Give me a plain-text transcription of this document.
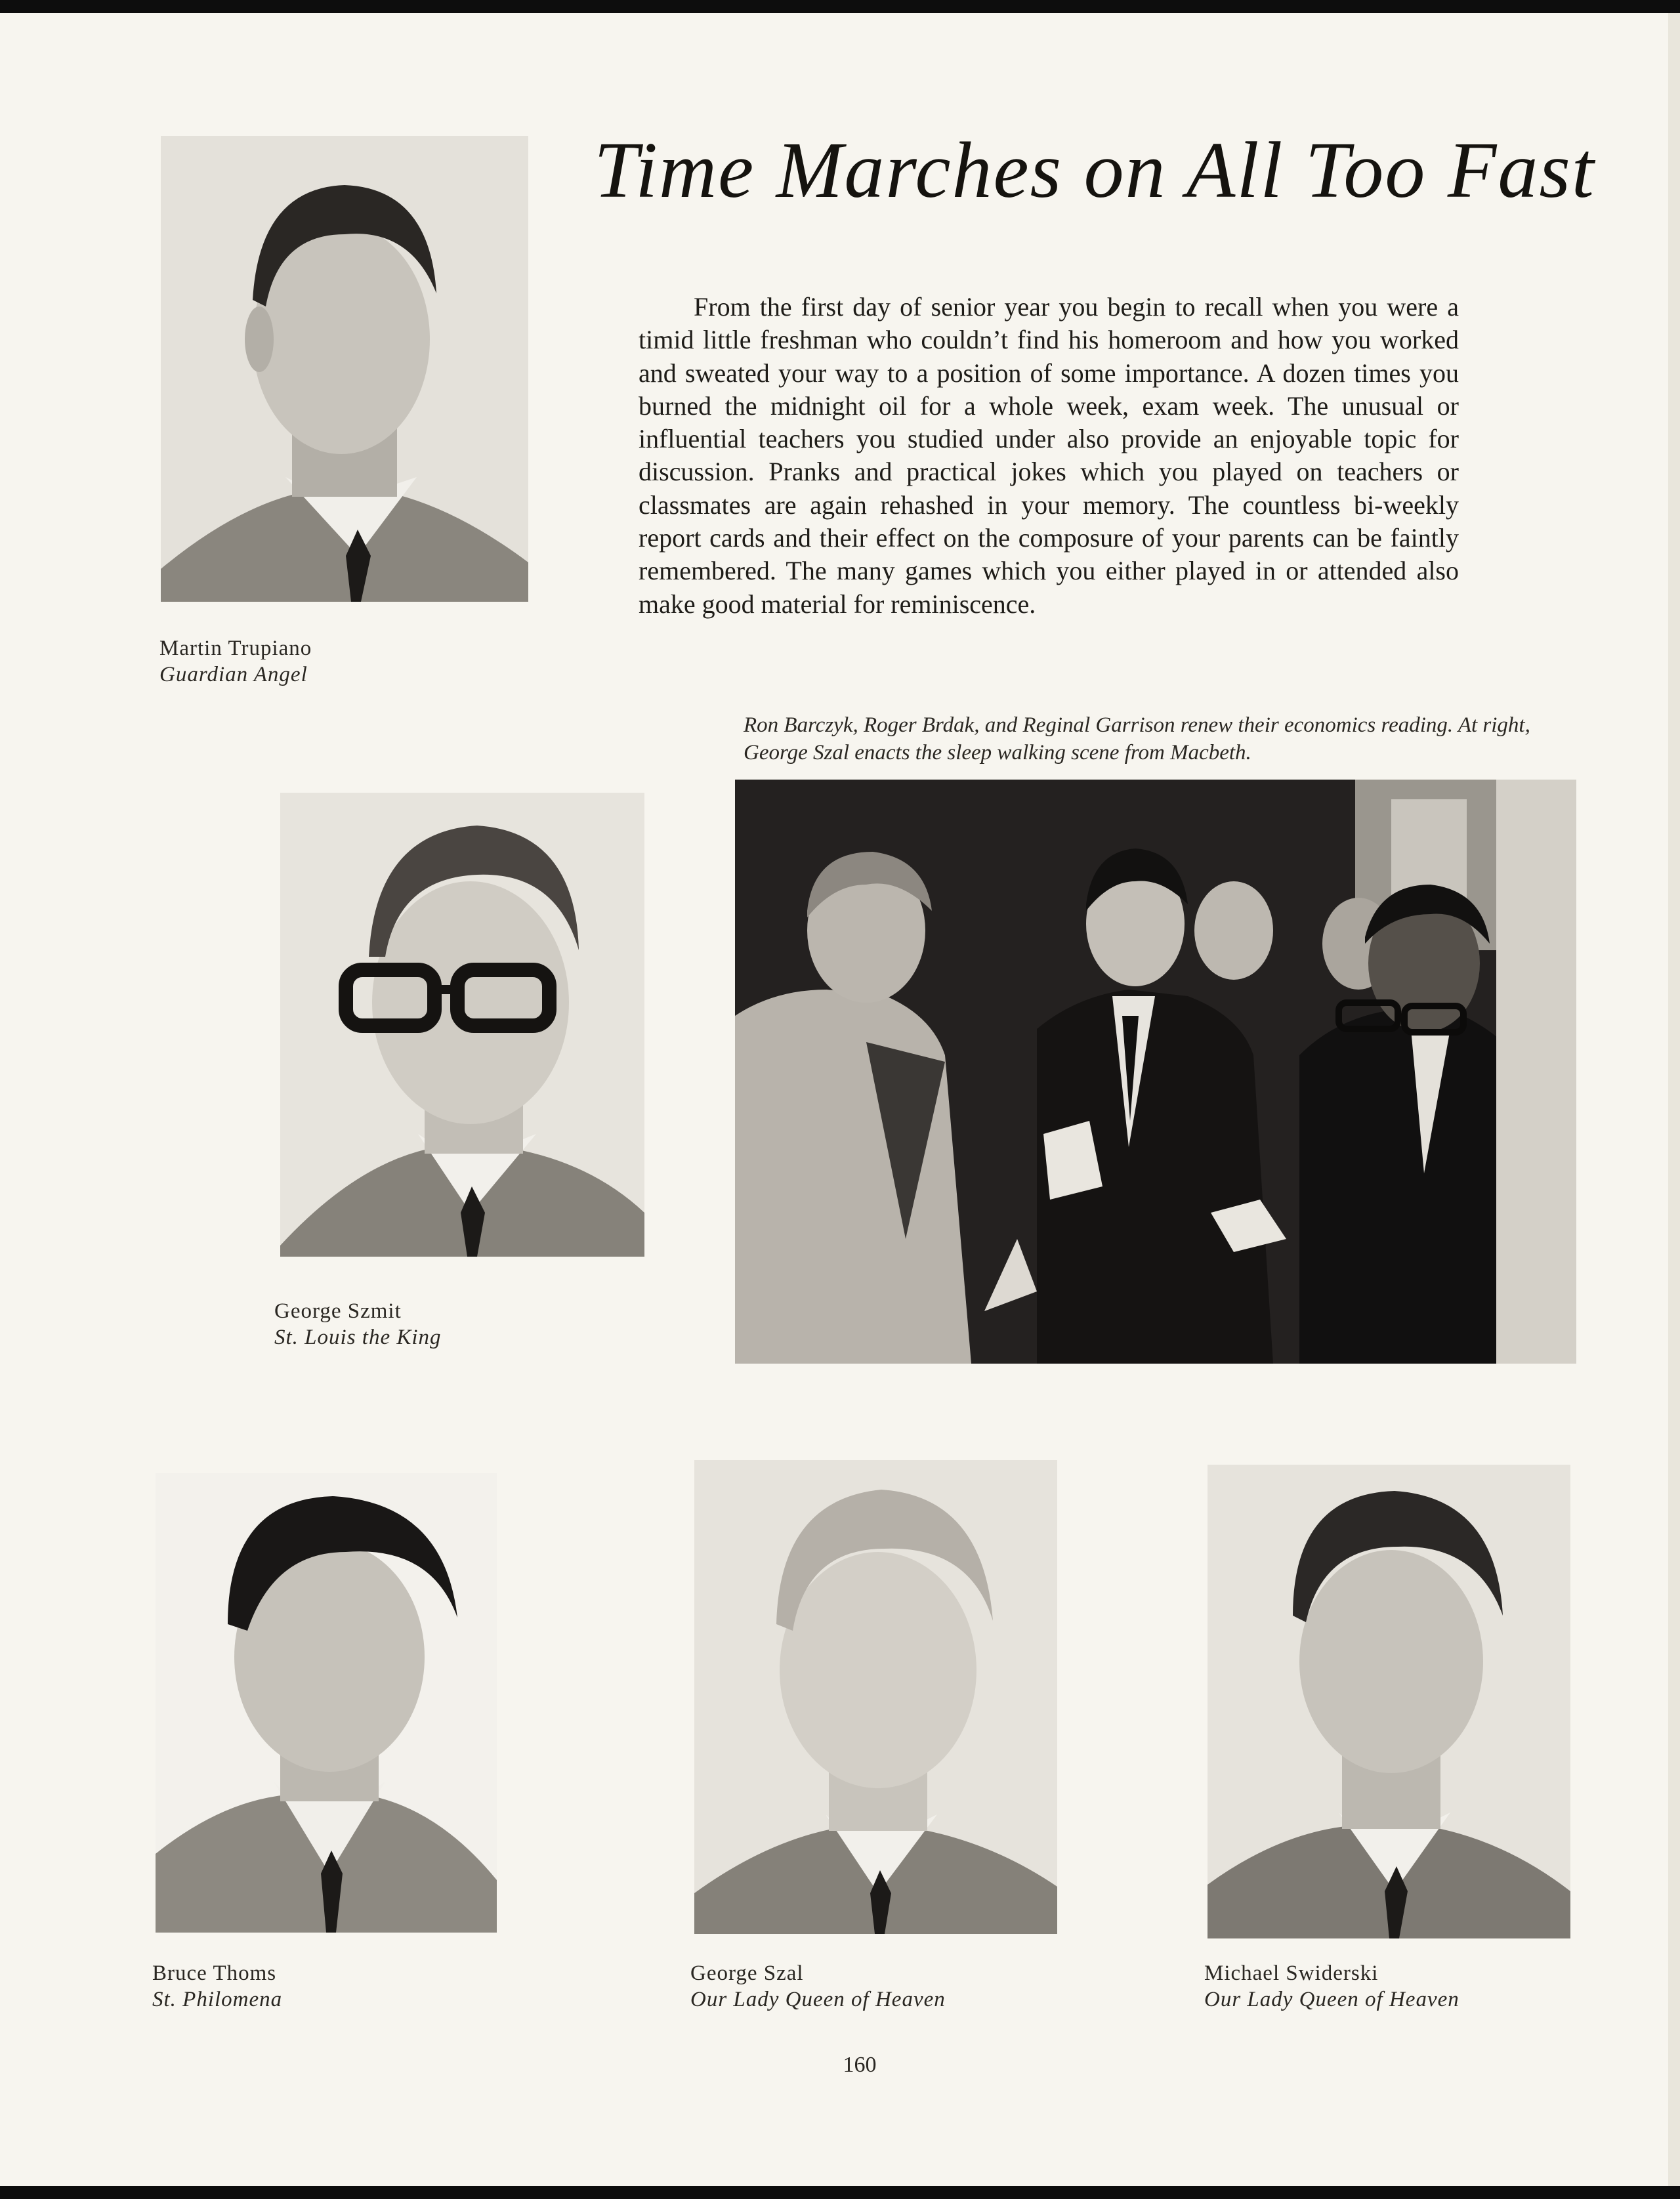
Martin Trupiano
Guardian Angel
Time Marches on All Too Fast
From the first day of senior year you begin to recall when you were a timid little freshman who couldn’t find his homeroom and how you worked and sweated your way to a position of some importance. A dozen times you burned the midnight oil for a whole week, exam week. The unusual or influential teachers you studied under also provide an enjoyable topic for discussion. Pranks and practical jokes which you played on teachers or classmates are again rehashed in your memory. The countless bi-weekly report cards and their effect on the composure of your parents can be faintly remembered. The many games which you either played in or attended also make good material for reminiscence.
Ron Barczyk, Roger Brdak, and Reginal Garrison renew their economics reading. At right, George Szal enacts the sleep walking scene from Macbeth.
George Szmit
St. Louis the King
Bruce Thoms
St. Philomena
George Szal
Our Lady Queen of Heaven
Michael Swiderski
Our Lady Queen of Heaven
160
